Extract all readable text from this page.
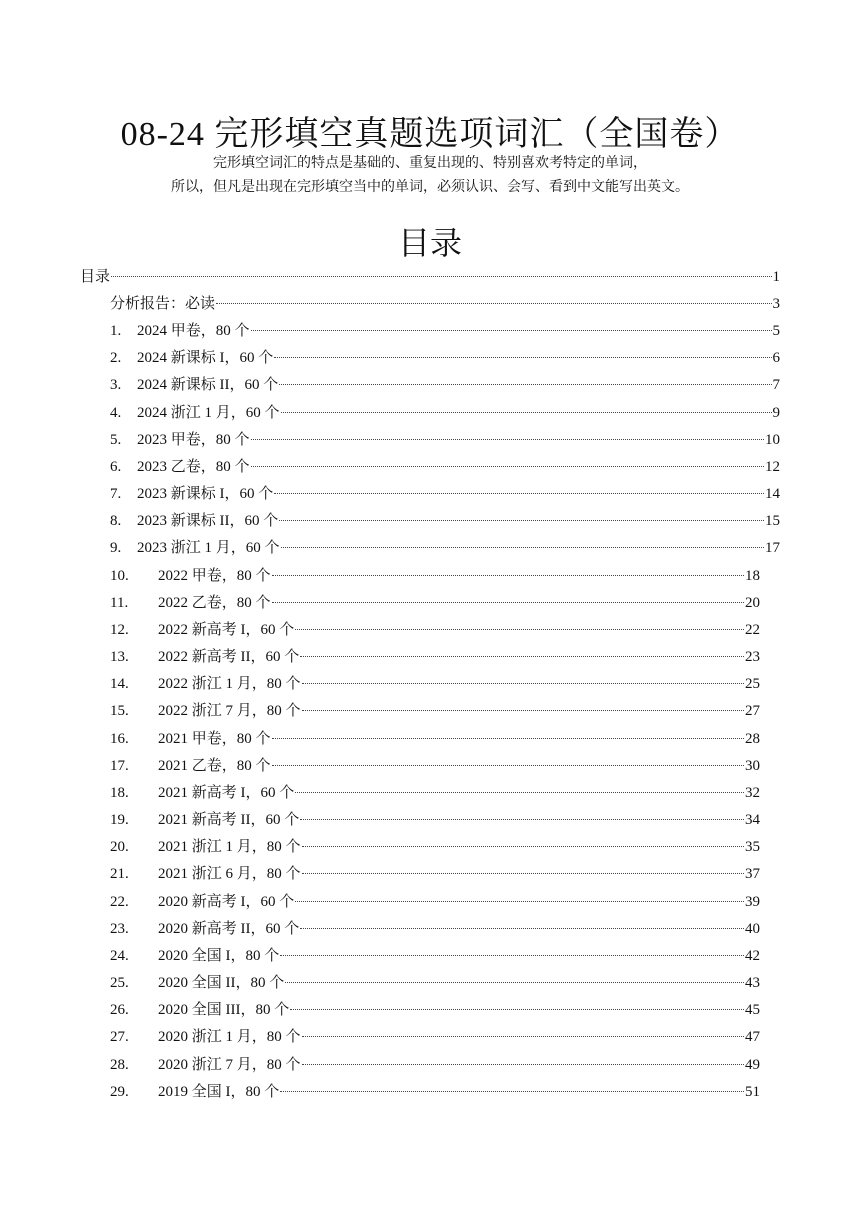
08-24 完形填空真题选项词汇（全国卷）
完形填空词汇的特点是基础的、重复出现的、特别喜欢考特定的单词，
所以，但凡是出现在完形填空当中的单词，必须认识、会写、看到中文能写出英文。
目录
目录	1
分析报告：必读	3
1.	2024 甲卷，80 个	5
2.	2024 新课标 I，60 个	6
3.	2024 新课标 II，60 个	7
4.	2024 浙江 1 月，60 个	9
5.	2023 甲卷，80 个	10
6.	2023 乙卷，80 个	12
7.	2023 新课标 I，60 个	14
8.	2023 新课标 II，60 个	15
9.	2023 浙江 1 月，60 个	17
10.	2022 甲卷，80 个	18
11.	2022 乙卷，80 个	20
12.	2022 新高考 I，60 个	22
13.	2022 新高考 II，60 个	23
14.	2022 浙江 1 月，80 个	25
15.	2022 浙江 7 月，80 个	27
16.	2021 甲卷，80 个	28
17.	2021 乙卷，80 个	30
18.	2021 新高考 I，60 个	32
19.	2021 新高考 II，60 个	34
20.	2021 浙江 1 月，80 个	35
21.	2021 浙江 6 月，80 个	37
22.	2020 新高考 I，60 个	39
23.	2020 新高考 II，60 个	40
24.	2020 全国 I，80 个	42
25.	2020 全国 II，80 个	43
26.	2020 全国 III，80 个	45
27.	2020 浙江 1 月，80 个	47
28.	2020 浙江 7 月，80 个	49
29.	2019 全国 I，80 个	51
